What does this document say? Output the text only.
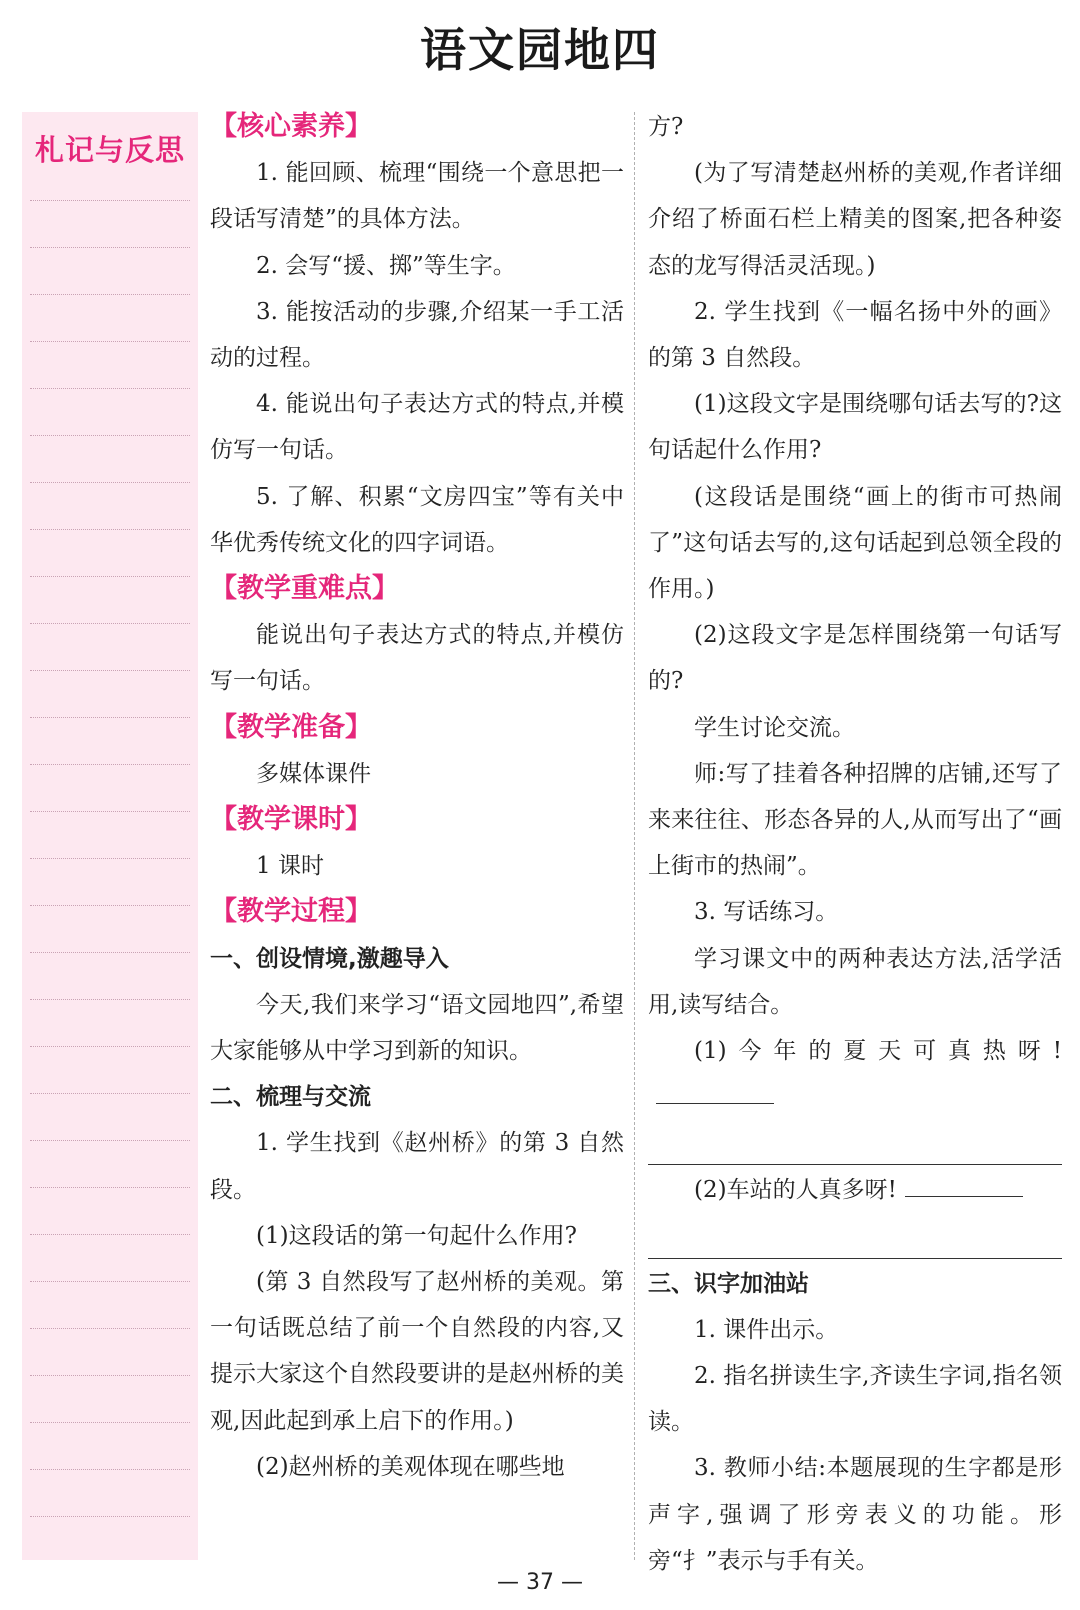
语文园地四
札记与反思

【核心素养】

1. 能回顾、梳理“围绕一个意思把一段话写清楚”的具体方法。

2. 会写“援、掷”等生字。

3. 能按活动的步骤,介绍某一手工活动的过程。

4. 能说出句子表达方式的特点,并模仿写一句话。

5. 了解、积累“文房四宝”等有关中华优秀传统文化的四字词语。

【教学重难点】

能说出句子表达方式的特点,并模仿写一句话。

【教学准备】

多媒体课件

【教学课时】

1 课时

【教学过程】

一、创设情境,激趣导入

今天,我们来学习“语文园地四”,希望大家能够从中学习到新的知识。

二、梳理与交流

1. 学生找到《赵州桥》的第 3 自然段。

(1)这段话的第一句起什么作用?

(第 3 自然段写了赵州桥的美观。第一句话既总结了前一个自然段的内容,又提示大家这个自然段要讲的是赵州桥的美观,因此起到承上启下的作用。)

(2)赵州桥的美观体现在哪些地

方?

(为了写清楚赵州桥的美观,作者详细介绍了桥面石栏上精美的图案,把各种姿态的龙写得活灵活现。)

2. 学生找到《一幅名扬中外的画》的第 3 自然段。

(1)这段文字是围绕哪句话去写的?这句话起什么作用?

(这段话是围绕“画上的街市可热闹了”这句话去写的,这句话起到总领全段的作用。)

(2)这段文字是怎样围绕第一句话写的?

学生讨论交流。

师:写了挂着各种招牌的店铺,还写了来来往往、形态各异的人,从而写出了“画上街市的热闹”。

3. 写话练习。

学习课文中的两种表达方法,活学活用,读写结合。

(1)今年的夏天可真热呀!

(2)车站的人真多呀!

三、识字加油站

1. 课件出示。

2. 指名拼读生字,齐读生字词,指名领读。

3. 教师小结:本题展现的生字都是形声字,强调了形旁表义的功能。形旁“扌”表示与手有关。

— 37 —
